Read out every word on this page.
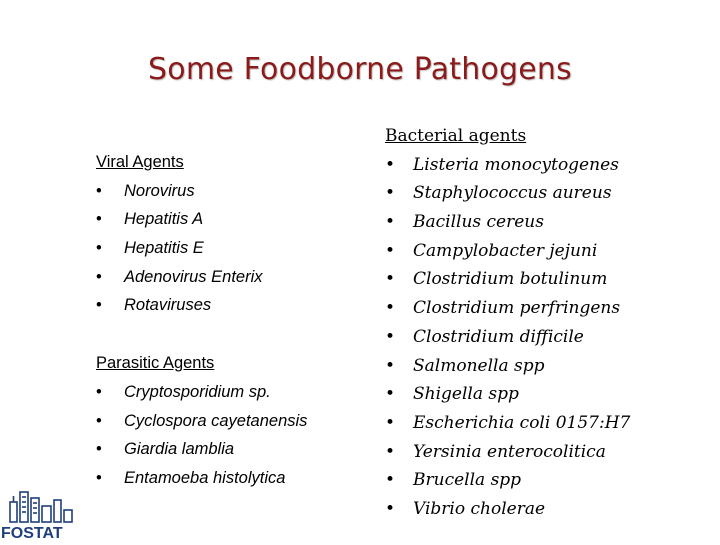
Some Foodborne Pathogens
Viral Agents
• Norovirus
• Hepatitis A
• Hepatitis E
• Adenovirus Enterix
• Rotaviruses
Parasitic Agents
• Cryptosporidium sp.
• Cyclospora cayetanensis
• Giardia lamblia
• Entamoeba histolytica
Bacterial agents
• Listeria monocytogenes
• Staphylococcus aureus
• Bacillus cereus
• Campylobacter jejuni
• Clostridium botulinum
• Clostridium perfringens
• Clostridium difficile
• Salmonella spp
• Shigella spp
• Escherichia coli 0157:H7
• Yersinia enterocolitica
• Brucella spp
• Vibrio cholerae
FOSTAT
